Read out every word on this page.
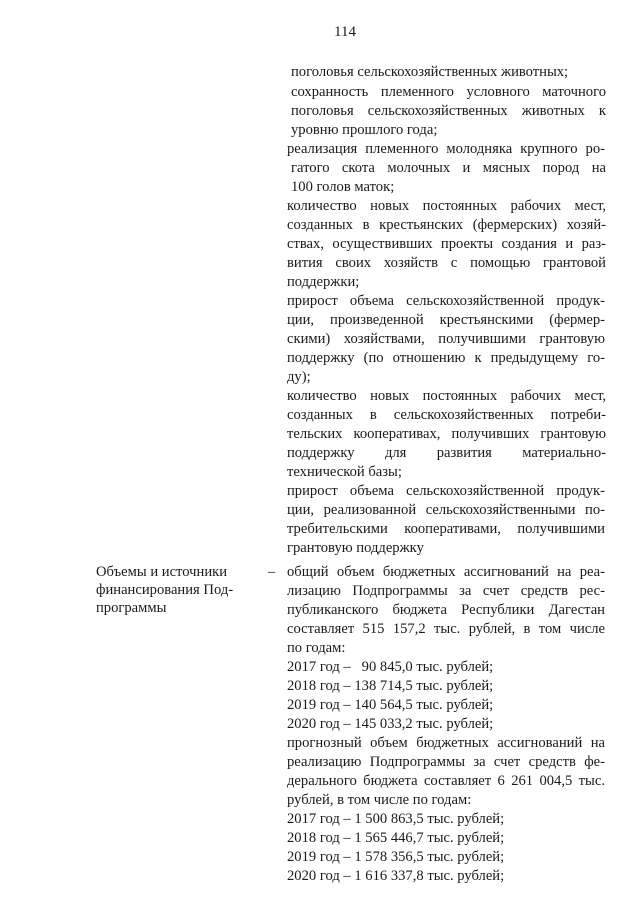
114
поголовья сельскохозяйственных животных;
сохранность племенного условного маточного
поголовья сельскохозяйственных животных к
уровню прошлого года;
реализация племенного молодняка крупного ро-
гатого скота молочных и мясных пород на
100 голов маток;
количество новых постоянных рабочих мест,
созданных в крестьянских (фермерских) хозяй-
ствах, осуществивших проекты создания и раз-
вития своих хозяйств с помощью грантовой
поддержки;
прирост объема сельскохозяйственной продук-
ции, произведенной крестьянскими (фермер-
скими) хозяйствами, получившими грантовую
поддержку (по отношению к предыдущему го-
ду);
количество новых постоянных рабочих мест,
созданных в сельскохозяйственных потреби-
тельских кооперативах, получивших грантовую
поддержку для развития материально-
технической базы;
прирост объема сельскохозяйственной продук-
ции, реализованной сельскохозяйственными по-
требительскими кооперативами, получившими
грантовую поддержку
Объемы и источники
финансирования Под-
программы
– общий объем бюджетных ассигнований на реа-
лизацию Подпрограммы за счет средств рес-
публиканского бюджета Республики Дагестан
составляет 515 157,2 тыс. рублей, в том числе
по годам:
2017 год –   90 845,0 тыс. рублей;
2018 год – 138 714,5 тыс. рублей;
2019 год – 140 564,5 тыс. рублей;
2020 год – 145 033,2 тыс. рублей;
прогнозный объем бюджетных ассигнований на
реализацию Подпрограммы за счет средств фе-
дерального бюджета составляет 6 261 004,5 тыс.
рублей, в том числе по годам:
2017 год – 1 500 863,5 тыс. рублей;
2018 год – 1 565 446,7 тыс. рублей;
2019 год – 1 578 356,5 тыс. рублей;
2020 год – 1 616 337,8 тыс. рублей;
